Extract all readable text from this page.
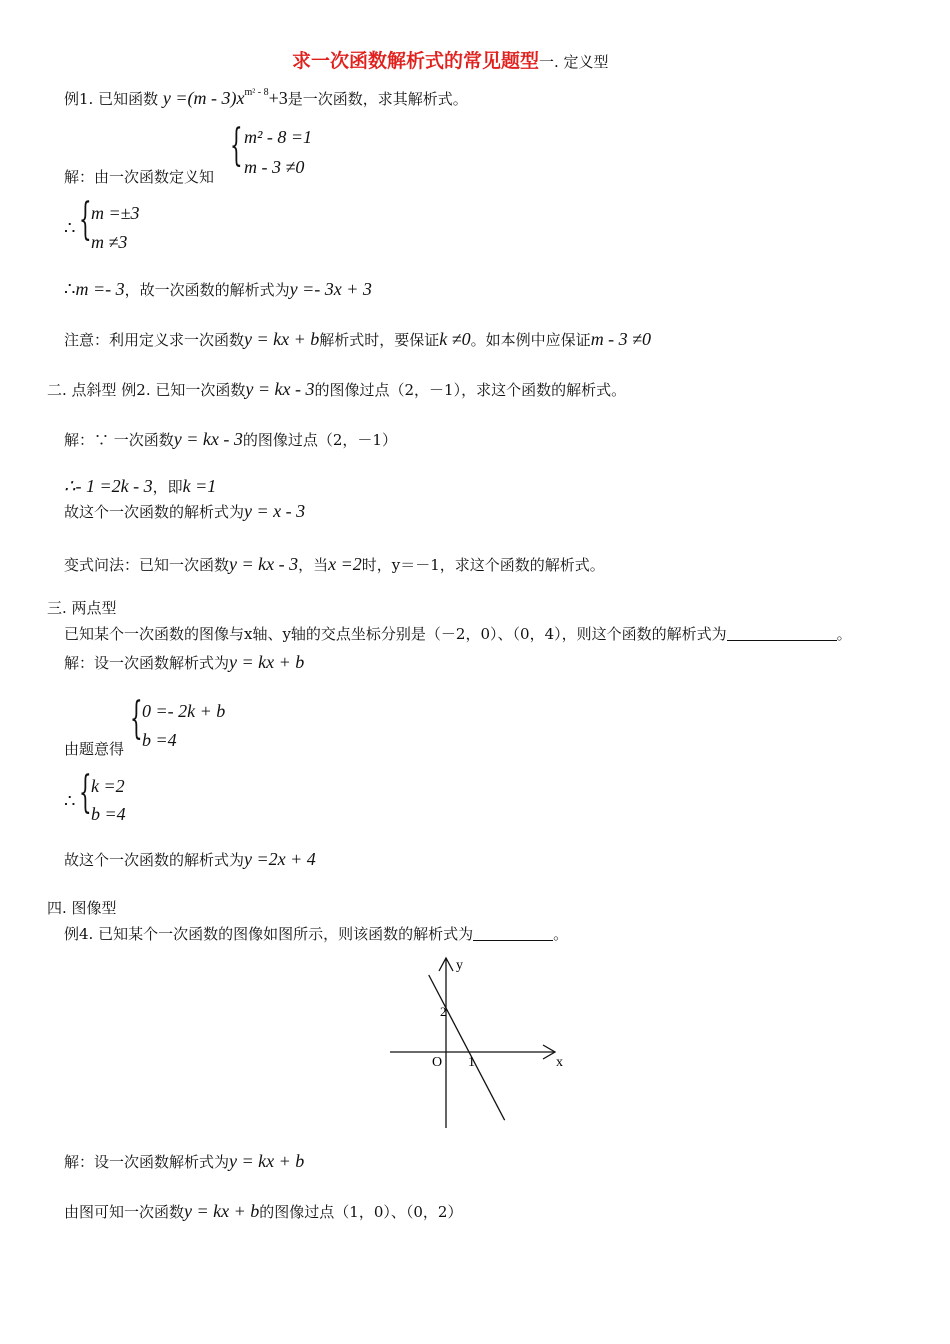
求一次函数解析式的常见题型一. 定义型
例1. 已知函数 $y =(m - 3)x^{m^2 - 8}+3$是一次函数，求其解析式。
{ m² - 8 =1
m - 3 ≠0
解：由一次函数定义知
∴ { m =±3
m ≠3
∴m =- 3，故一次函数的解析式为y =- 3x + 3
注意：利用定义求一次函数y = kx + b解析式时，要保证k ≠0。如本例中应保证m - 3 ≠0
二. 点斜型 例2. 已知一次函数y = kx - 3的图像过点（2，－1），求这个函数的解析式。
解：∵ 一次函数y = kx - 3的图像过点（2，－1）
∴- 1 =2k - 3，即k =1
故这个一次函数的解析式为y = x - 3
变式问法：已知一次函数y = kx - 3，当x =2时，y＝－1，求这个函数的解析式。
三. 两点型
已知某个一次函数的图像与x轴、y轴的交点坐标分别是（－2，0）、（0，4），则这个函数的解析式为	。
解：设一次函数解析式为y = kx + b
{ 0 =- 2k + b
b =4
由题意得
∴ { k =2
b =4
故这个一次函数的解析式为y =2x + 4
四. 图像型
例4. 已知某个一次函数的图像如图所示，则该函数的解析式为	。
y
x
O 1
2
解：设一次函数解析式为y = kx + b
由图可知一次函数y = kx + b的图像过点（1，0）、（0，2）
